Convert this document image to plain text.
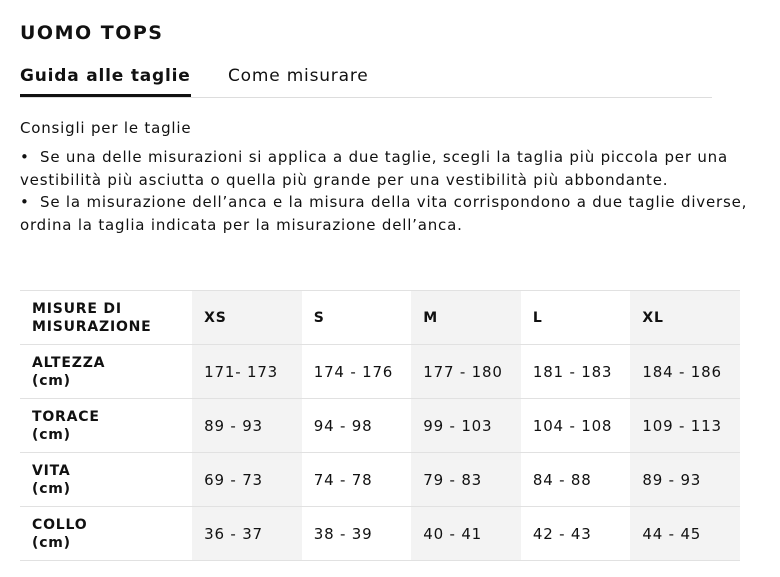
UOMO TOPS
Guida alle taglie Come misurare
Consigli per le taglie
• Se una delle misurazioni si applica a due taglie, scegli la taglia più piccola per una
vestibilità più asciutta o quella più grande per una vestibilità più abbondante.
• Se la misurazione dell’anca e la misura della vita corrispondono a due taglie diverse,
ordina la taglia indicata per la misurazione dell’anca.
MISURE DI
MISURAZIONE	XS	S	M	L	XL

ALTEZZA
(cm)	171- 173	174 - 176	177 - 180	181 - 183	184 - 186

TORACE
(cm)	89 - 93	94 - 98	99 - 103	104 - 108	109 - 113

VITA
(cm)	69 - 73	74 - 78	79 - 83	84 - 88	89 - 93

COLLO
(cm)	36 - 37	38 - 39	40 - 41	42 - 43	44 - 45
